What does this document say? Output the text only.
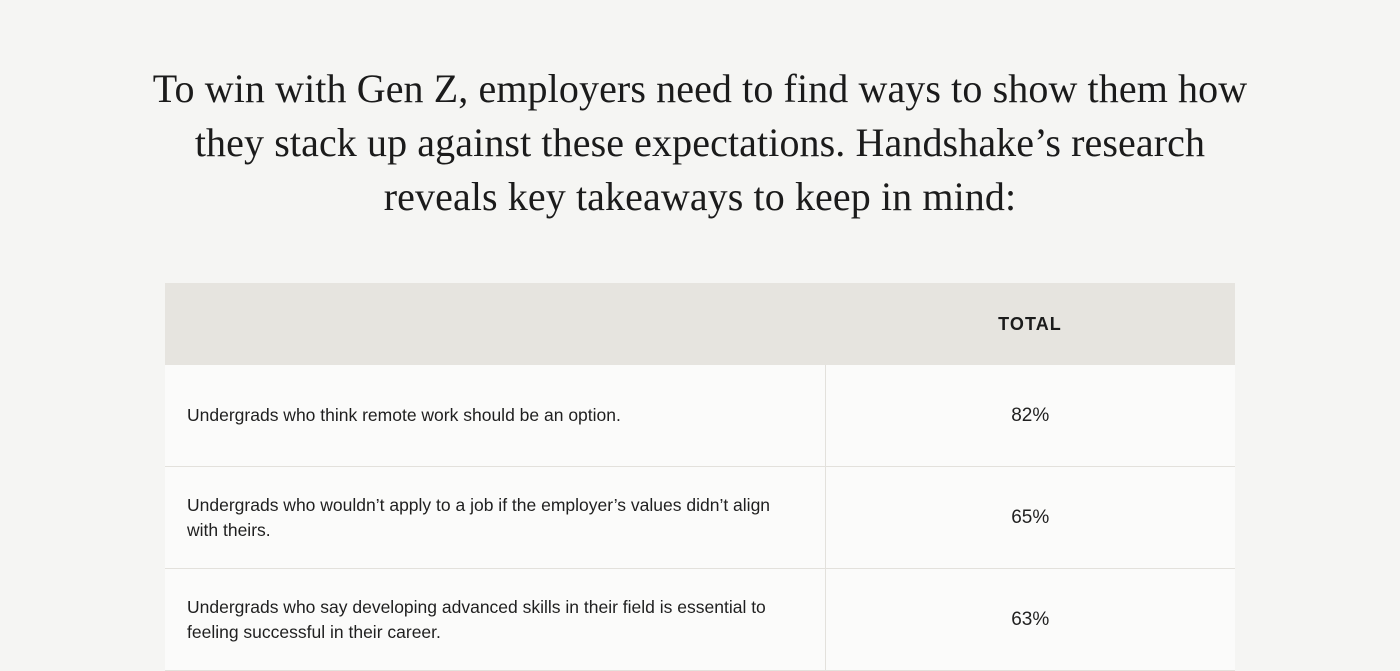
To win with Gen Z, employers need to find ways to show them how they stack up against these expectations. Handshake’s research reveals key takeaways to keep in mind:
	TOTAL
Undergrads who think remote work should be an option.	82%
Undergrads who wouldn’t apply to a job if the employer’s values didn’t align with theirs.	65%
Undergrads who say developing advanced skills in their field is essential to feeling successful in their career.	63%
